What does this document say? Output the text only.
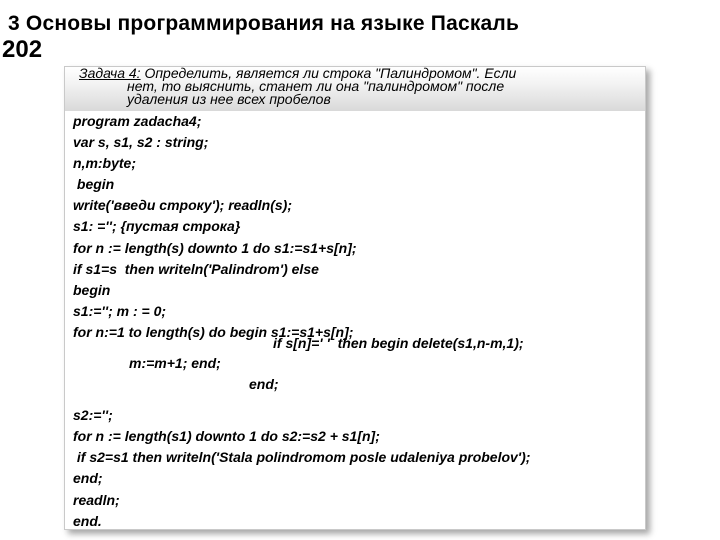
3 Основы программирования на языке Паскаль
202
Задача 4: Определить, является ли строка "Палиндромом". Если
нет, то выяснить, станет ли она "палиндромом" после
удаления из нее всех пробелов
program zadacha4;
var s, s1, s2 : string;
n,m:byte;
begin
write('введи строку'); readln(s);
s1: =''; {пустая строка}
for n := length(s) downto 1 do s1:=s1+s[n];
if s1=s  then writeln('Palindrom') else
begin
s1:=''; m : = 0;
for n:=1 to length(s) do begin s1:=s1+s[n];

if s[n]=' '  then begin delete(s1,n-m,1);

m:=m+1; end;

end;
s2:='';
for n := length(s1) downto 1 do s2:=s2 + s1[n];
if s2=s1 then writeln('Stala polindromom posle udaleniya probelov');
end;
readln;
end.
